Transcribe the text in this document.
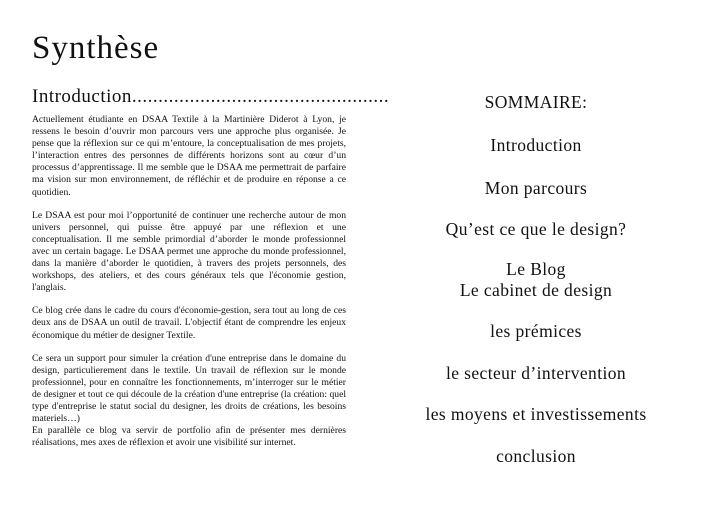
Synthèse
Introduction.................................................

Actuellement étudiante en DSAA Textile à la Martinière Diderot à Lyon, je ressens le besoin d’ouvrir mon parcours vers une approche plus organisée. Je pense que la réflexion sur ce qui m’entoure, la conceptualisation de mes projets, l’interaction entres des personnes de différents horizons sont au cœur d’un processus d’apprentissage. Il me semble que le DSAA me permettrait de parfaire ma vision sur mon environnement, de réfléchir et de produire en réponse a ce quotidien.

Le DSAA est pour moi l’opportunité de continuer une recherche autour de mon univers personnel, qui puisse être appuyé par une réflexion et une conceptualisation. Il me semble primordial d’aborder le monde professionnel avec un certain bagage. Le DSAA permet une approche du monde professionnel, dans la manière d’aborder le quotidien, à travers des projets personnels, des workshops, des ateliers, et des cours généraux tels que l'économie gestion, l'anglais.

Ce blog crée dans le cadre du cours d'économie-gestion, sera tout au long de ces deux ans de DSAA un outil de travail. L'objectif étant de comprendre les enjeux économique du métier de designer Textile.

Ce sera un support pour simuler la création d'une entreprise dans le domaine du design, particulierement dans le textile. Un travail de réflexion sur le monde professionnel, pour en connaître les fonctionnements, m’interroger sur le métier de designer et tout ce qui découle de la création d'une entreprise (la création: quel type d'entreprise le statut social du designer, les droits de créations, les besoins materiels…)

En parallèle ce blog va servir de portfolio afin de présenter mes dernières réalisations, mes axes de réflexion et avoir une visibilité sur internet.

SOMMAIRE:
Introduction
Mon parcours
Qu’est ce que le design?
Le Blog
Le cabinet de design
les prémices
le secteur d’intervention
les moyens et investissements
conclusion
